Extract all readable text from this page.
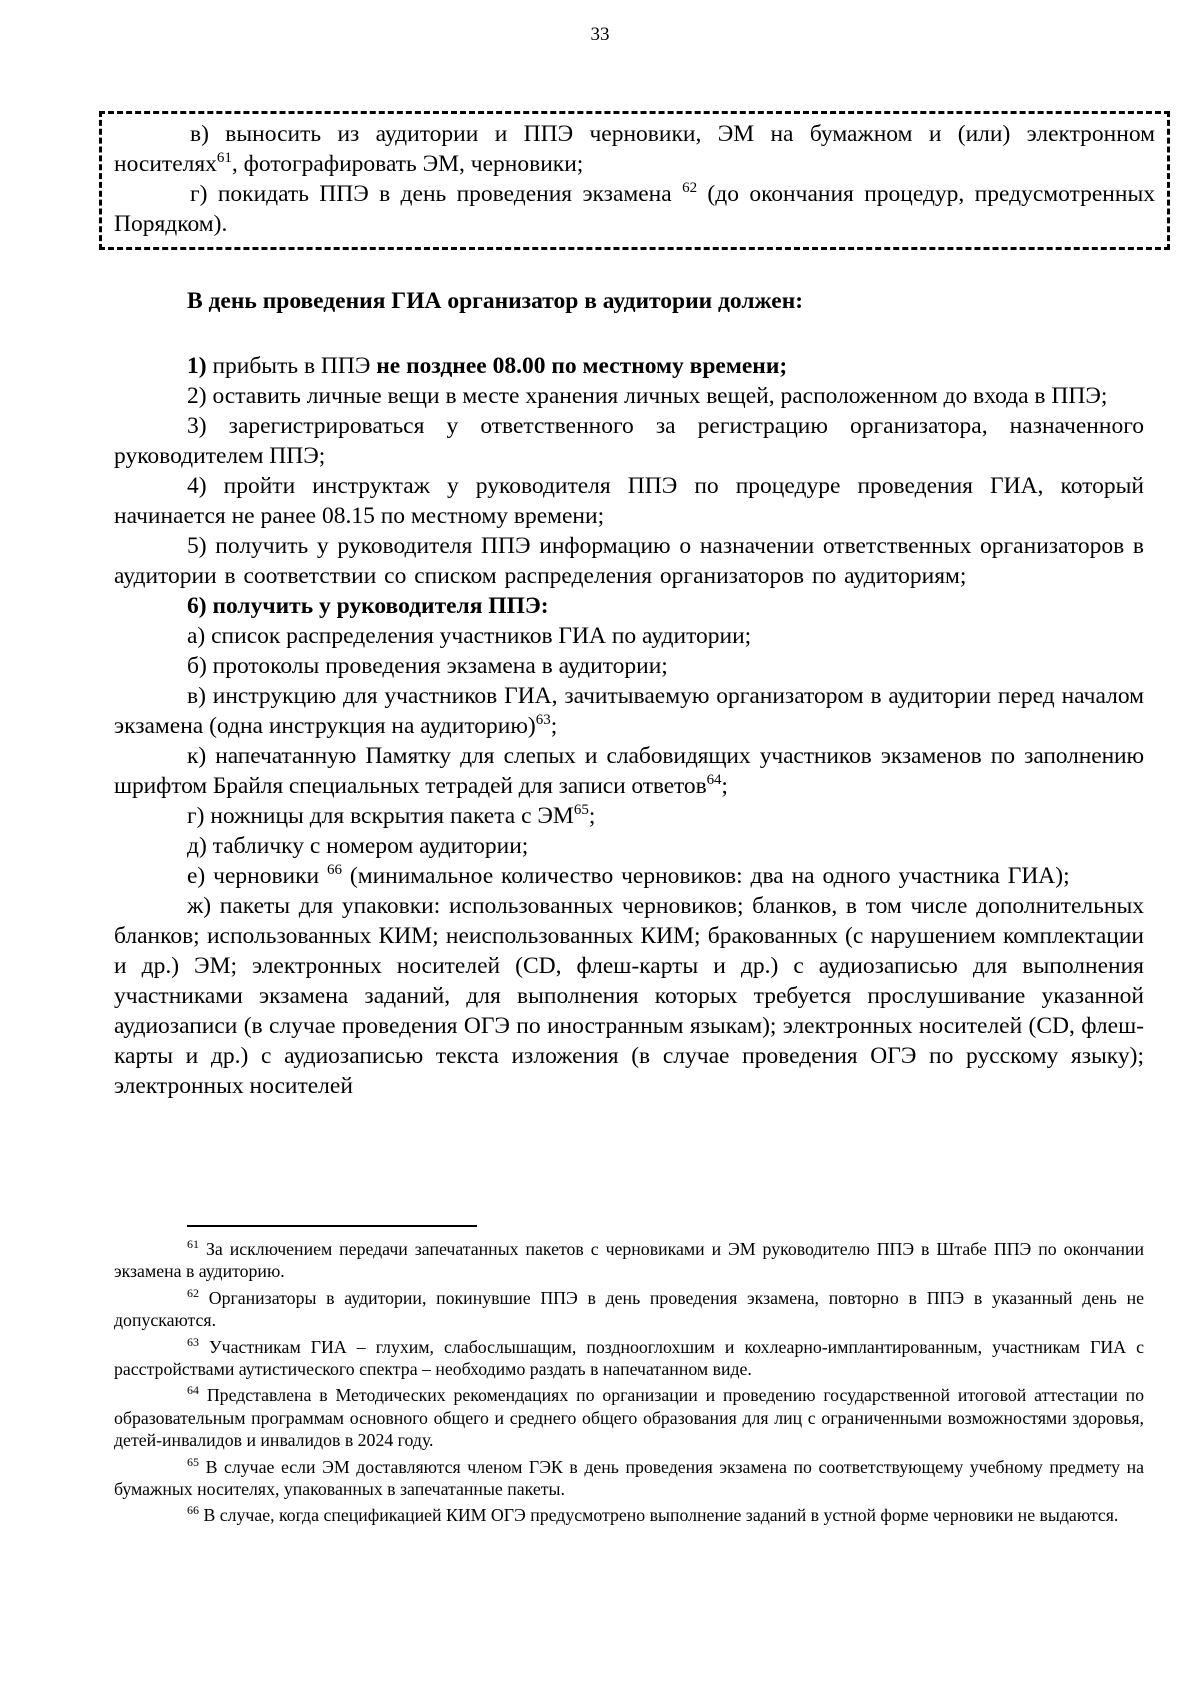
33

в) выносить из аудитории и ППЭ черновики, ЭМ на бумажном и (или) электронном носителях$^{61}$, фотографировать ЭМ, черновики;

г) покидать ППЭ в день проведения экзамена $^{62}$ (до окончания процедур, предусмотренных Порядком).

В день проведения ГИА организатор в аудитории должен:

1) прибыть в ППЭ не позднее 08.00 по местному времени;

2) оставить личные вещи в месте хранения личных вещей, расположенном до входа в ППЭ;

3) зарегистрироваться у ответственного за регистрацию организатора, назначенного руководителем ППЭ;

4) пройти инструктаж у руководителя ППЭ по процедуре проведения ГИА, который начинается не ранее 08.15 по местному времени;

5) получить у руководителя ППЭ информацию о назначении ответственных организаторов в аудитории в соответствии со списком распределения организаторов по аудиториям;

6) получить у руководителя ППЭ:

а) список распределения участников ГИА по аудитории;

б) протоколы проведения экзамена в аудитории;

в) инструкцию для участников ГИА, зачитываемую организатором в аудитории перед началом экзамена (одна инструкция на аудиторию)$^{63}$;

к) напечатанную Памятку для слепых и слабовидящих участников экзаменов по заполнению шрифтом Брайля специальных тетрадей для записи ответов$^{64}$;

г) ножницы для вскрытия пакета с ЭМ$^{65}$;

д) табличку с номером аудитории;

е) черновики $^{66}$ (минимальное количество черновиков: два на одного участника ГИА);

ж) пакеты для упаковки: использованных черновиков; бланков, в том числе дополнительных бланков; использованных КИМ; неиспользованных КИМ; бракованных (с нарушением комплектации и др.) ЭМ; электронных носителей (CD, флеш-карты и др.) с аудиозаписью для выполнения участниками экзамена заданий, для выполнения которых требуется прослушивание указанной аудиозаписи (в случае проведения ОГЭ по иностранным языкам); электронных носителей (CD, флеш-карты и др.) с аудиозаписью текста изложения (в случае проведения ОГЭ по русскому языку); электронных носителей

$^{61}$ За исключением передачи запечатанных пакетов с черновиками и ЭМ руководителю ППЭ в Штабе ППЭ по окончании экзамена в аудиторию.

$^{62}$ Организаторы в аудитории, покинувшие ППЭ в день проведения экзамена, повторно в ППЭ в указанный день не допускаются.

$^{63}$ Участникам ГИА – глухим, слабослышащим, позднооглохшим и кохлеарно-имплантированным, участникам ГИА с расстройствами аутистического спектра – необходимо раздать в напечатанном виде.

$^{64}$ Представлена в Методических рекомендациях по организации и проведению государственной итоговой аттестации по образовательным программам основного общего и среднего общего образования для лиц с ограниченными возможностями здоровья, детей-инвалидов и инвалидов в 2024 году.

$^{65}$ В случае если ЭМ доставляются членом ГЭК в день проведения экзамена по соответствующему учебному предмету на бумажных носителях, упакованных в запечатанные пакеты.

$^{66}$ В случае, когда спецификацией КИМ ОГЭ предусмотрено выполнение заданий в устной форме черновики не выдаются.
